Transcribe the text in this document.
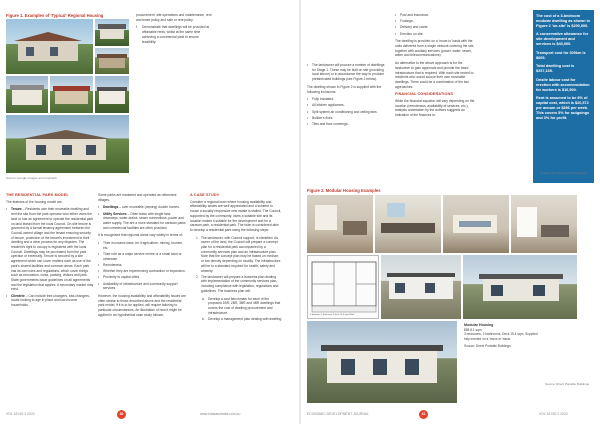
Figure 1. Examples of 'Typical' Regional Housing
Source: Google Images and Unsplash
THE RESIDENTIAL PARK MODEL

The features of the housing model are:

• Tenure – Residents own their moveable dwelling and rent the site from the park operator who either owns the land or has an agreement to operate the residential park on land leased from the local Council. On-site tenure is governed by a formal tenancy agreement between the Council-owned village and the tenant ensuring security of tenure, protection of the tenant's investment in their dwelling and a clear process for any disputes. The resident's right to occupy is registered with the local Council. Dwellings may be purchased from the park operator or externally. Tenure is secured by a site agreement which can cover matters such as use of the park's shared facilities and common areas. Each park has its own rules and regulations, which cover things such as renovation, noise, parking, visitors and pets. State governments issue guidelines on all agreements and the legislation that applies. A secondary market may exist.
• Clientele – Can include tree-changers, sea-changers, locals looking to age in place and low-income households.

Some parks are marketed and operated as retirement villages.

• Dwellings – over moveable (owning) double homes.
• Utility Services – Often basic with single lane driveways, water drains, sewer connections, power and water supply. The are a more standard for caravan parks and commercial facilities are often provided.

It is recognised that regional areas vary widely in terms of:

• Their economic base, be it agriculture, mining, tourism, etc.
• Their role as a major service centre or a small town or otherwise.
• Remoteness.
• Whether they are experiencing contraction or expansion.
• Proximity to capital cities.
• Availability of infrastructure and community support services.

However, the housing availability and affordability issues are often similar to those described above and the residential park model, if it is to be applied, will require tailoring to particular circumstances. An illustration of how it might be applied in an hypothetical case study follows.

procurement, site operations and maintenance, rent and lease policy and sale or rent policy.

f. Demonstrate that dwellings will be provided at affordable rents, whilst at the same time achieving a commercial yield to ensure feasibility.
A CASE STUDY

Consider a regional town where housing availability and affordability issues are well appreciated and a scheme to house a socially responsive new estate is stalled. The Council, supported by the community, owns a suitable site and its location makes it suitable for the development and for a caravan park, a residential park. The town is considered able to develop a residential park using the following steps:

1 The landowner, with Council support, is identified. As owner of the land, the Council will prepare a concept plan for a residential park accompanied by a community services plan and an infrastructure plan. Note that the concept plan may be based on medium or low density depending on locality. The infrastructure will be to a standard required for health, safety and amenity.
2 The landowner will prepare a business plan dealing with implementation of the community services plan, including compliance with legislation, regulations and guidelines. The business plan will:
a. Develop a cost benchmark for each of the proposed 1BR, 2BR, 3BR and 4BR dwellings that covers the cost of dwelling procurement and infrastructure.
b. Develop a management plan dealing with dwelling
VOL 18 NO 2 2022	30	www.edasaustralia.com.au
• The landowner will procure a number of dwellings for Stage 1. These may be built on site (providing local labour) or in accordance the way to produce prefabricated buildings (see Figure 2 below).

The dwelling shown in Figure 2 is supplied with the following inclusions:

• Fully insulated.
• All kitchen appliances.
• Split system air conditioning and ceiling fans.
• Builder's fixes.
• Tiles and floor coverings.
• Post and insurance.
• Footings.
• Delivery and crane.
• Erection on site.

The dwelling is provided on a 'move-in' basis with the units delivered from a single network covering the site, together with ancillary services (power, water, sewer, water and telecommunications).

An alternative to the above approach is for the landowner to gain approvals and provide the basic infrastructure that is required. With each site rented to residents who would source their own moveable dwellings. There could be a combination of the two approaches.

FINANCIAL CONSIDERATIONS

While the financial equation will vary depending on the location (remoteness, availability of services, etc.), analysis undertaken by the authors suggests an indication of the finances is:

Figure 2. Modular Housing Examples
3 bedroom 2 bathroom 1 deck 15.4 sqm 88m²
Modular Housing
$88 8.1 sqm
3 bedrooms, 2 bathrooms, Deck 15.4 sqm. Supplied fully erected on a 'move-in' basis.
Source: Direct Portable Buildings
Source: Direct Portable Buildings
ECONOMIC DEVELOPMENT JOURNAL	31	VOL 18 NO 2 2022
The cost of a 3-bedroom modular dwelling as shown in Figure 2 'on-site' is $200,000.
A conservative allowance for site development and services is $40,000.
Transport cost for 300km is $665.
Total dwelling cost is $257,165.
Onsite labour cost for erection with accommodation for workers is $16,500.
Rent is assumed to be 8% of capital cost, which is $20,572 per annum or $396 per week. This covers 5% for outgoings and 3% for profit.
Source: 2E Commercial Associates
